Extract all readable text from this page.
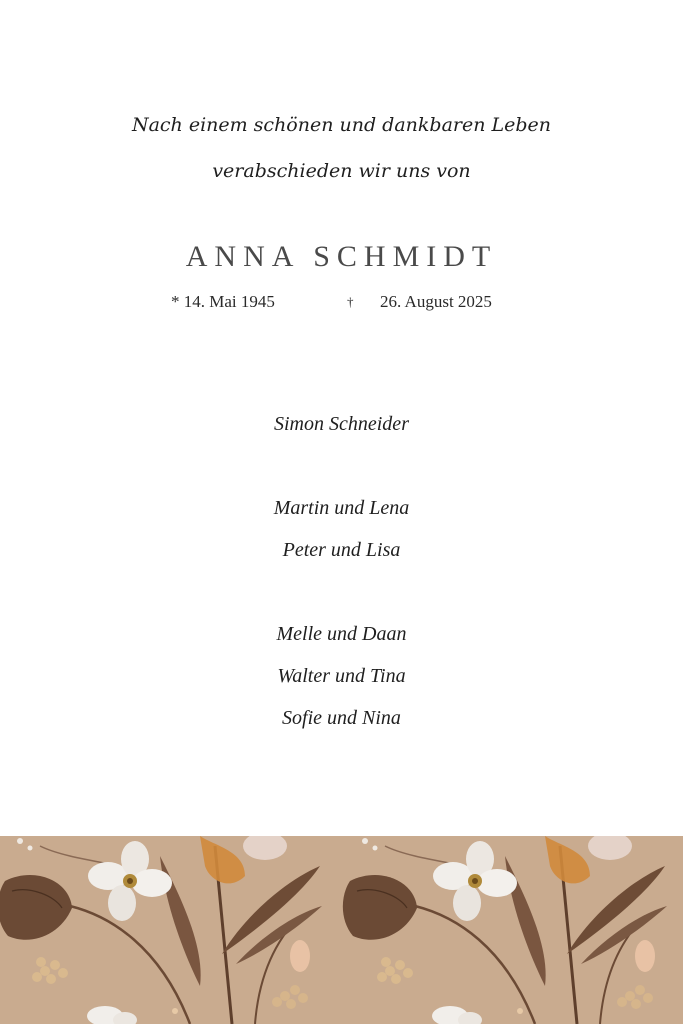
Nach einem schönen und dankbaren Leben
verabschieden wir uns von
ANNA SCHMIDT
* 14. Mai 1945	† 26. August 2025
Simon Schneider
Martin und Lena
Peter und Lisa
Melle und Daan
Walter und Tina
Sofie und Nina
